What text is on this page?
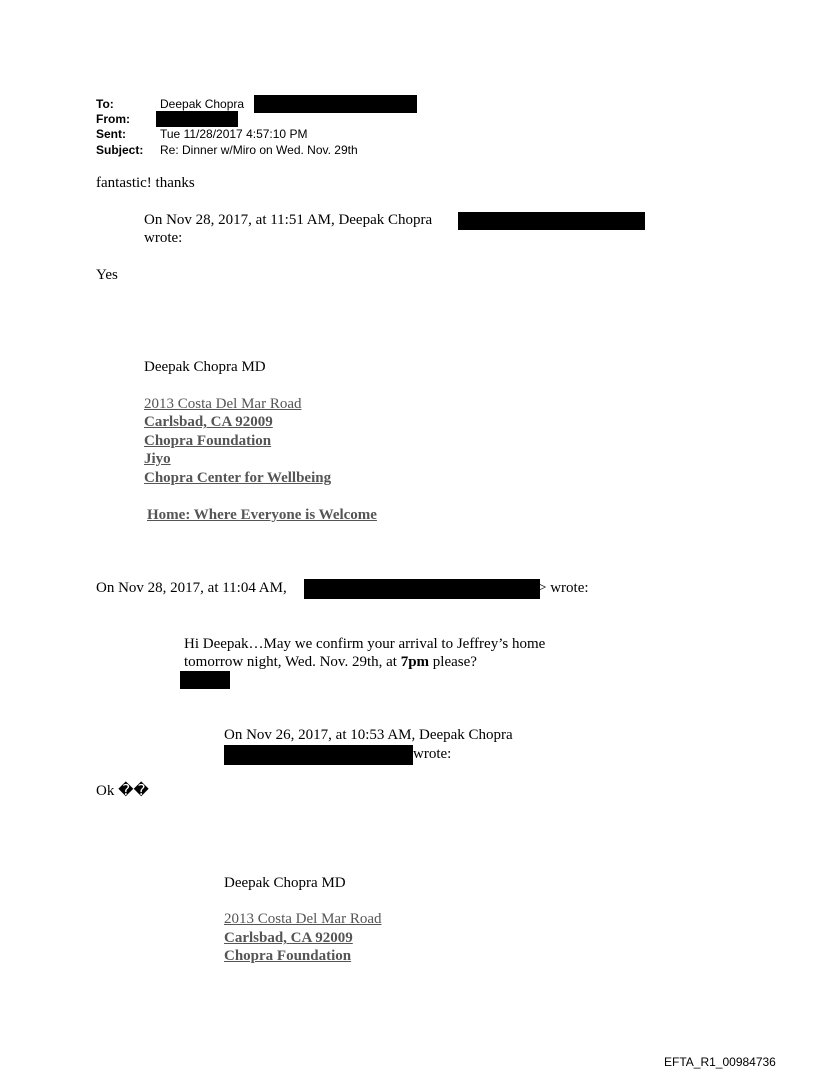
To:	Deepak Chopra
From:
Sent:	Tue 11/28/2017 4:57:10 PM
Subject: Re: Dinner w/Miro on Wed. Nov. 29th
fantastic! thanks
On Nov 28, 2017, at 11:51 AM, Deepak Chopra
wrote:
Yes
Deepak Chopra MD
2013 Costa Del Mar Road
Carlsbad, CA 92009
Chopra Foundation
Jiyo
Chopra Center for Wellbeing
Home: Where Everyone is Welcome
On Nov 28, 2017, at 11:04 AM,	> wrote:
Hi Deepak…May we confirm your arrival to Jeffrey’s home
tomorrow night, Wed. Nov. 29th, at 7pm please?
On Nov 26, 2017, at 10:53 AM, Deepak Chopra
wrote:
Ok ��
Deepak Chopra MD
2013 Costa Del Mar Road
Carlsbad, CA 92009
Chopra Foundation
EFTA_R1_00984736
